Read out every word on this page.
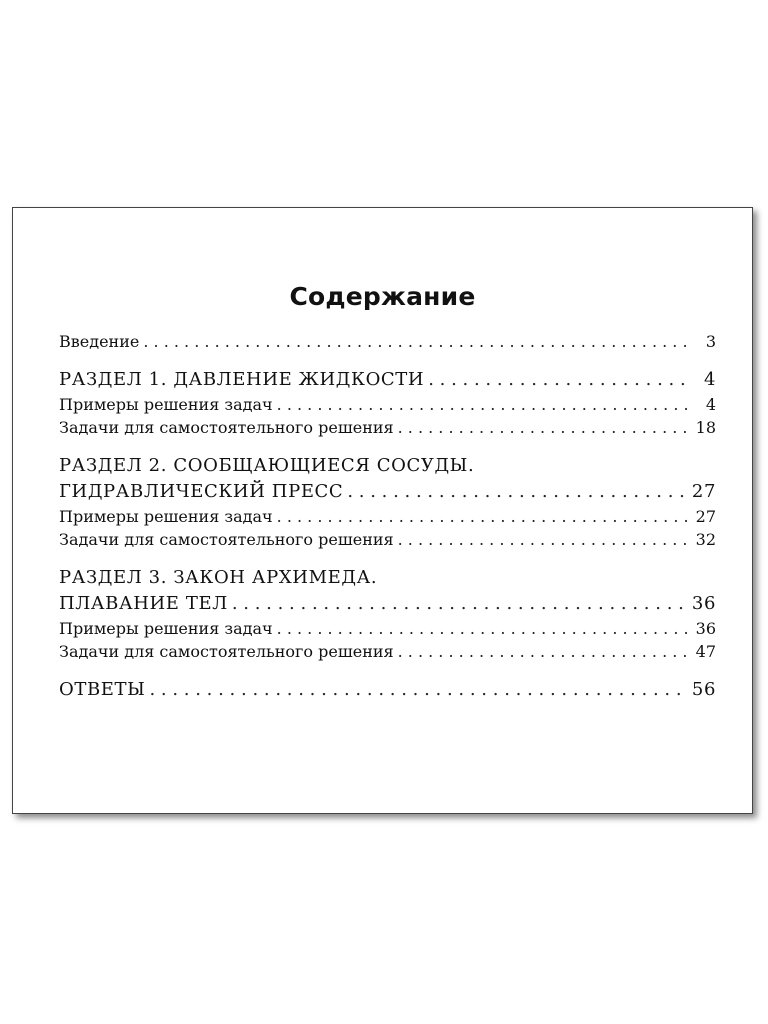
Содержание
Введение . . .	3
РАЗДЕЛ 1. ДАВЛЕНИЕ ЖИДКОСТИ . . .	4
Примеры решения задач . . .	4
Задачи для самостоятельного решения . . .	18
РАЗДЕЛ 2. СООБЩАЮЩИЕСЯ СОСУДЫ.
ГИДРАВЛИЧЕСКИЙ ПРЕСС . . .	27
Примеры решения задач . . .	27
Задачи для самостоятельного решения . . .	32
РАЗДЕЛ 3. ЗАКОН АРХИМЕДА.
ПЛАВАНИЕ ТЕЛ . . .	36
Примеры решения задач . . .	36
Задачи для самостоятельного решения . . .	47
ОТВЕТЫ . . .	56
